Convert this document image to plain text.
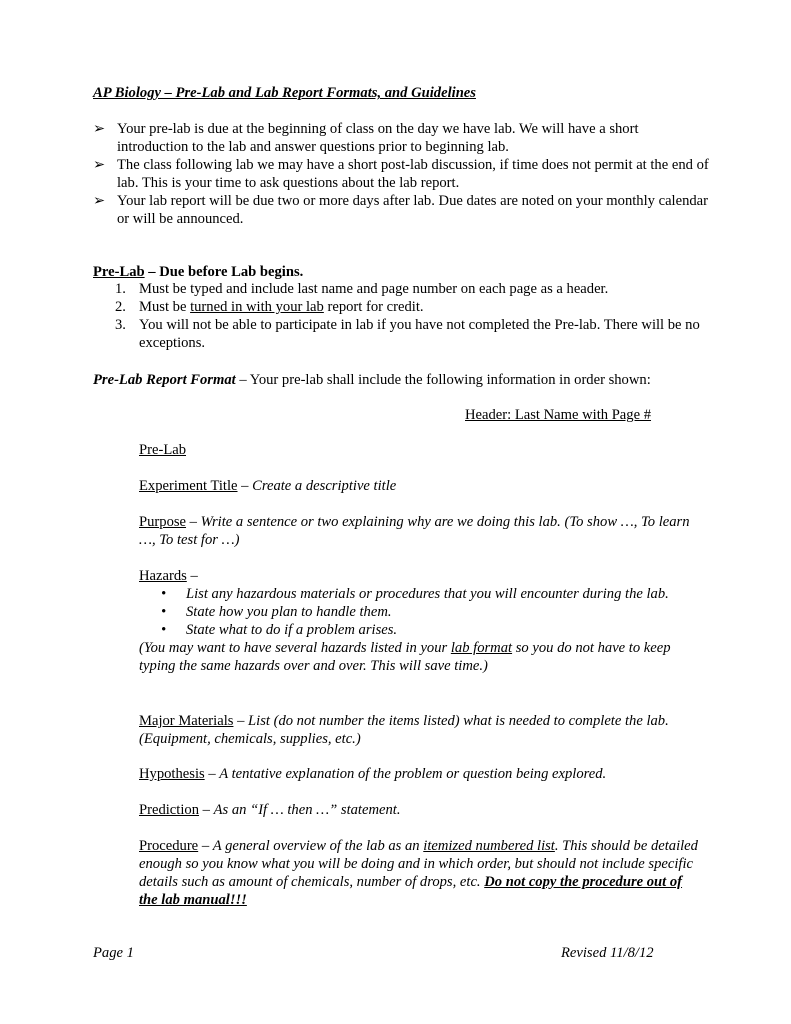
AP Biology – Pre-Lab and Lab Report Formats, and Guidelines
➢ Your pre-lab is due at the beginning of class on the day we have lab. We will have a short introduction to the lab and answer questions prior to beginning lab.
➢ The class following lab we may have a short post-lab discussion, if time does not permit at the end of lab. This is your time to ask questions about the lab report.
➢ Your lab report will be due two or more days after lab. Due dates are noted on your monthly calendar or will be announced.
Pre-Lab – Due before Lab begins.
1. Must be typed and include last name and page number on each page as a header.
2. Must be turned in with your lab report for credit.
3. You will not be able to participate in lab if you have not completed the Pre-lab. There will be no exceptions.
Pre-Lab Report Format – Your pre-lab shall include the following information in order shown:
Header: Last Name with Page #
Pre-Lab
Experiment Title – Create a descriptive title
Purpose – Write a sentence or two explaining why are we doing this lab. (To show …, To learn …, To test for …)
Hazards –
• List any hazardous materials or procedures that you will encounter during the lab.
• State how you plan to handle them.
• State what to do if a problem arises.
(You may want to have several hazards listed in your lab format so you do not have to keep typing the same hazards over and over. This will save time.)
Major Materials – List (do not number the items listed) what is needed to complete the lab. (Equipment, chemicals, supplies, etc.)
Hypothesis – A tentative explanation of the problem or question being explored.
Prediction – As an “If … then …” statement.
Procedure – A general overview of the lab as an itemized numbered list. This should be detailed enough so you know what you will be doing and in which order, but should not include specific details such as amount of chemicals, number of drops, etc. Do not copy the procedure out of the lab manual!!!
Page 1	Revised 11/8/12
